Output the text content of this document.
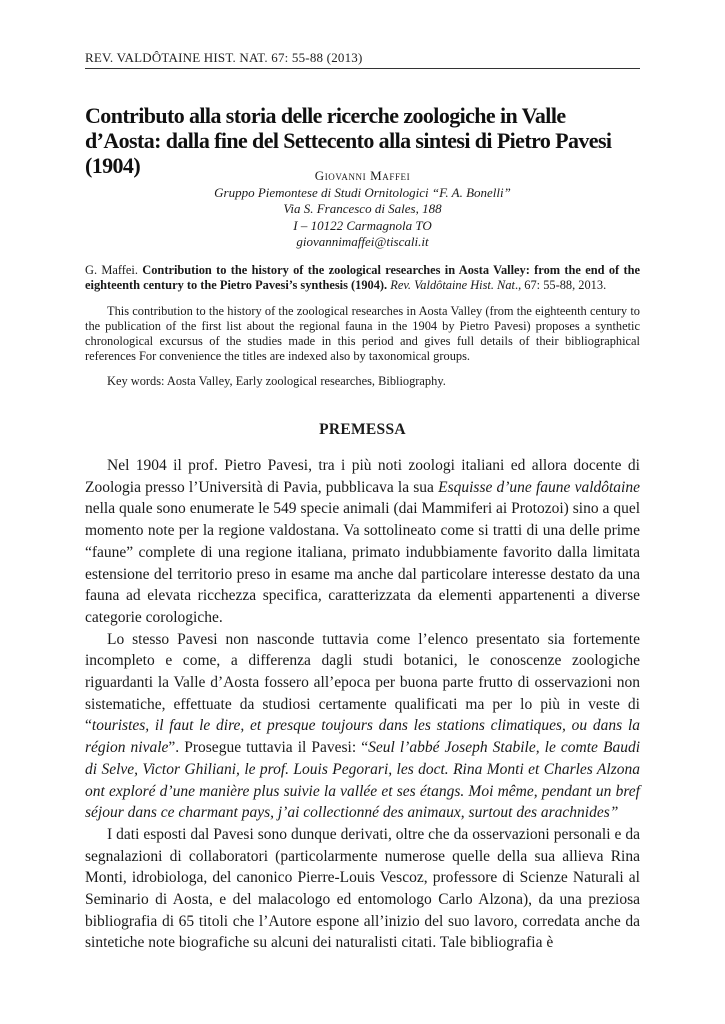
REV. VALDÔTAINE HIST. NAT. 67: 55-88 (2013)
Contributo alla storia delle ricerche zoologiche in Valle d’Aosta: dalla fine del Settecento alla sintesi di Pietro Pavesi (1904)	Giovanni Maffei
Gruppo Piemontese di Studi Ornitologici “F. A. Bonelli”
Via S. Francesco di Sales, 188
I – 10122 Carmagnola TO
giovannimaffei@tiscali.it

G. Maffei. Contribution to the history of the zoological researches in Aosta Valley: from the end of the eighteenth century to the Pietro Pavesi’s synthesis (1904). Rev. Valdôtaine Hist. Nat., 67: 55-88, 2013.

This contribution to the history of the zoological researches in Aosta Valley (from the eighteenth century to the publication of the first list about the regional fauna in the 1904 by Pietro Pavesi) proposes a synthetic chronological excursus of the studies made in this period and gives full details of their bibliographical references For convenience the titles are indexed also by taxonomical groups.

Key words: Aosta Valley, Early zoological researches, Bibliography.

PREMESSA

Nel 1904 il prof. Pietro Pavesi, tra i più noti zoologi italiani ed allora docente di Zoologia presso l’Università di Pavia, pubblicava la sua Esquisse d’une faune valdôtaine nella quale sono enumerate le 549 specie animali (dai Mammiferi ai Protozoi) sino a quel momento note per la regione valdostana. Va sottolineato come si tratti di una delle prime “faune” complete di una regione italiana, primato indubbiamente favorito dalla limitata estensione del territorio preso in esame ma anche dal particolare interesse destato da una fauna ad elevata ricchezza specifica, caratterizzata da elementi appartenenti a diverse categorie corologiche.

Lo stesso Pavesi non nasconde tuttavia come l’elenco presentato sia fortemente incompleto e come, a differenza dagli studi botanici, le conoscenze zoologiche riguardanti la Valle d’Aosta fossero all’epoca per buona parte frutto di osservazioni non sistematiche, effettuate da studiosi certamente qualificati ma per lo più in veste di “touristes, il faut le dire, et presque toujours dans les stations climatiques, ou dans la région nivale”. Prosegue tuttavia il Pavesi: “Seul l’abbé Joseph Stabile, le comte Baudi di Selve, Victor Ghiliani, le prof. Louis Pegorari, les doct. Rina Monti et Charles Alzona ont exploré d’une manière plus suivie la vallée et ses étangs. Moi même, pendant un bref séjour dans ce charmant pays, j’ai collectionné des animaux, surtout des arachnides”

I dati esposti dal Pavesi sono dunque derivati, oltre che da osservazioni personali e da segnalazioni di collaboratori (particolarmente numerose quelle della sua allieva Rina Monti, idrobiologa, del canonico Pierre-Louis Vescoz, professore di Scienze Naturali al Seminario di Aosta, e del malacologo ed entomologo Carlo Alzona), da una preziosa bibliografia di 65 titoli che l’Autore espone all’inizio del suo lavoro, corredata anche da sintetiche note biografiche su alcuni dei naturalisti citati. Tale bibliografia è
